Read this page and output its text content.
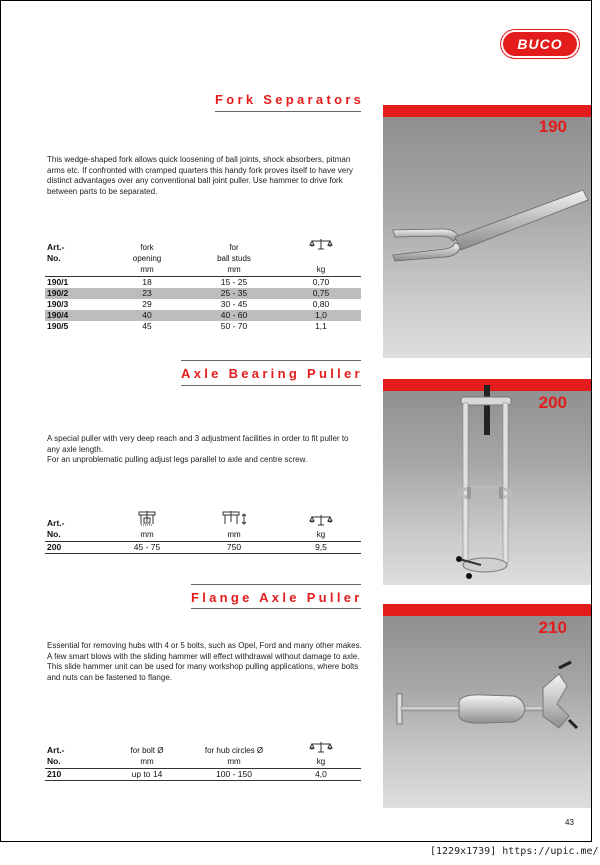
BUCO
Fork Separators
190

This wedge-shaped fork allows quick loosening of ball joints, shock absorbers, pitman arms etc. If confronted with cramped quarters this handy fork proves itself to have very distinct advantages over any conventional ball joint puller. Use hammer to drive fork between parts to be separated.

Art.-	fork	for	
No.	opening	ball studs	
	mm	mm	kg
190/1	18	15 - 25	0,70
190/2	23	25 - 35	0,75
190/3	29	30 - 45	0,80
190/4	40	40 - 60	1,0
190/5	45	50 - 70	1,1
Axle Bearing Puller
200

A special puller with very deep reach and 3 adjustment facilities in order to fit puller to any axle length.

For an unproblematic pulling adjust legs parallel to axle and centre screw.

Art.-			
No.	mm	mm	kg
200	45 - 75	750	9,5
Flange Axle Puller
210

Essential for removing hubs with 4 or 5 bolts, such as Opel, Ford and many other makes.

A few smart blows with the sliding hammer will effect withdrawal without damage to axle.

This slide hammer unit can be used for many workshop pulling applications, where bolts and nuts can be fastened to flange.

Art.-	for bolt Ø	for hub circles Ø	
No.	mm	mm	kg
210	up to 14	100 - 150	4,0
43
[1229x1739] https://upic.me/
